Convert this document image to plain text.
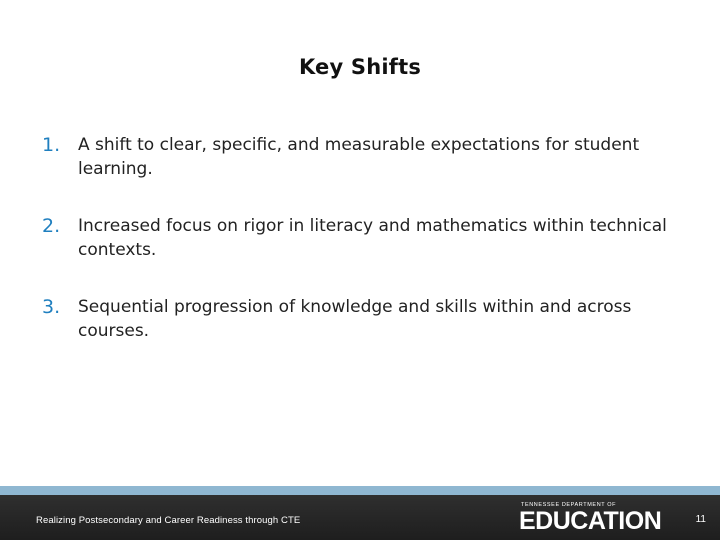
Key Shifts
1. A shift to clear, specific, and measurable expectations for student learning.
2. Increased focus on rigor in literacy and mathematics within technical contexts.
3. Sequential progression of knowledge and skills within and across courses.
Realizing Postsecondary and Career Readiness through CTE
TENNESSEE DEPARTMENT OF
EDUCATION	11
